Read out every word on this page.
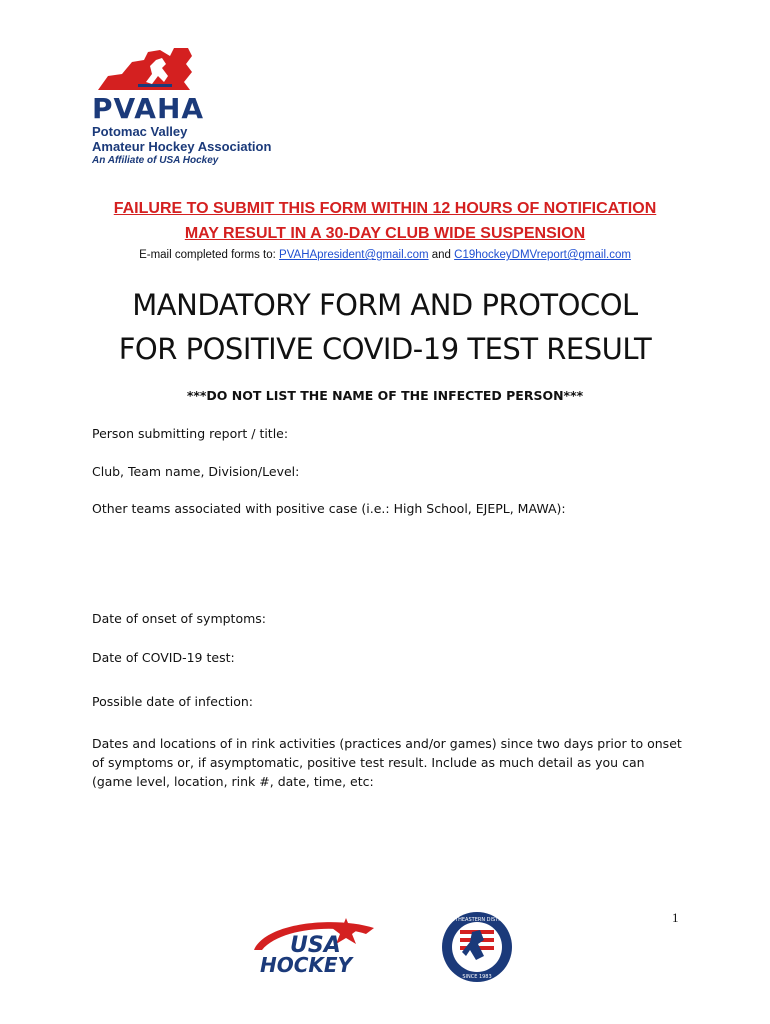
PVAHA
Potomac Valley
Amateur Hockey Association
An Affiliate of USA Hockey
FAILURE TO SUBMIT THIS FORM WITHIN 12 HOURS OF NOTIFICATION
MAY RESULT IN A 30-DAY CLUB WIDE SUSPENSION
E-mail completed forms to: PVAHApresident@gmail.com and C19hockeyDMVreport@gmail.com
MANDATORY FORM AND PROTOCOL
FOR POSITIVE COVID-19 TEST RESULT
***DO NOT LIST THE NAME OF THE INFECTED PERSON***
Person submitting report / title:
Club, Team name, Division/Level:
Other teams associated with positive case (i.e.: High School, EJEPL, MAWA):
Date of onset of symptoms:
Date of COVID-19 test:
Possible date of infection:
Dates and locations of in rink activities (practices and/or games) since two days prior to onset of symptoms or, if asymptomatic, positive test result. Include as much detail as you can (game level, location, rink #, date, time, etc:
1
USA
HOCKEY
SOUTHEASTERN DISTRICT
SINCE 1983
